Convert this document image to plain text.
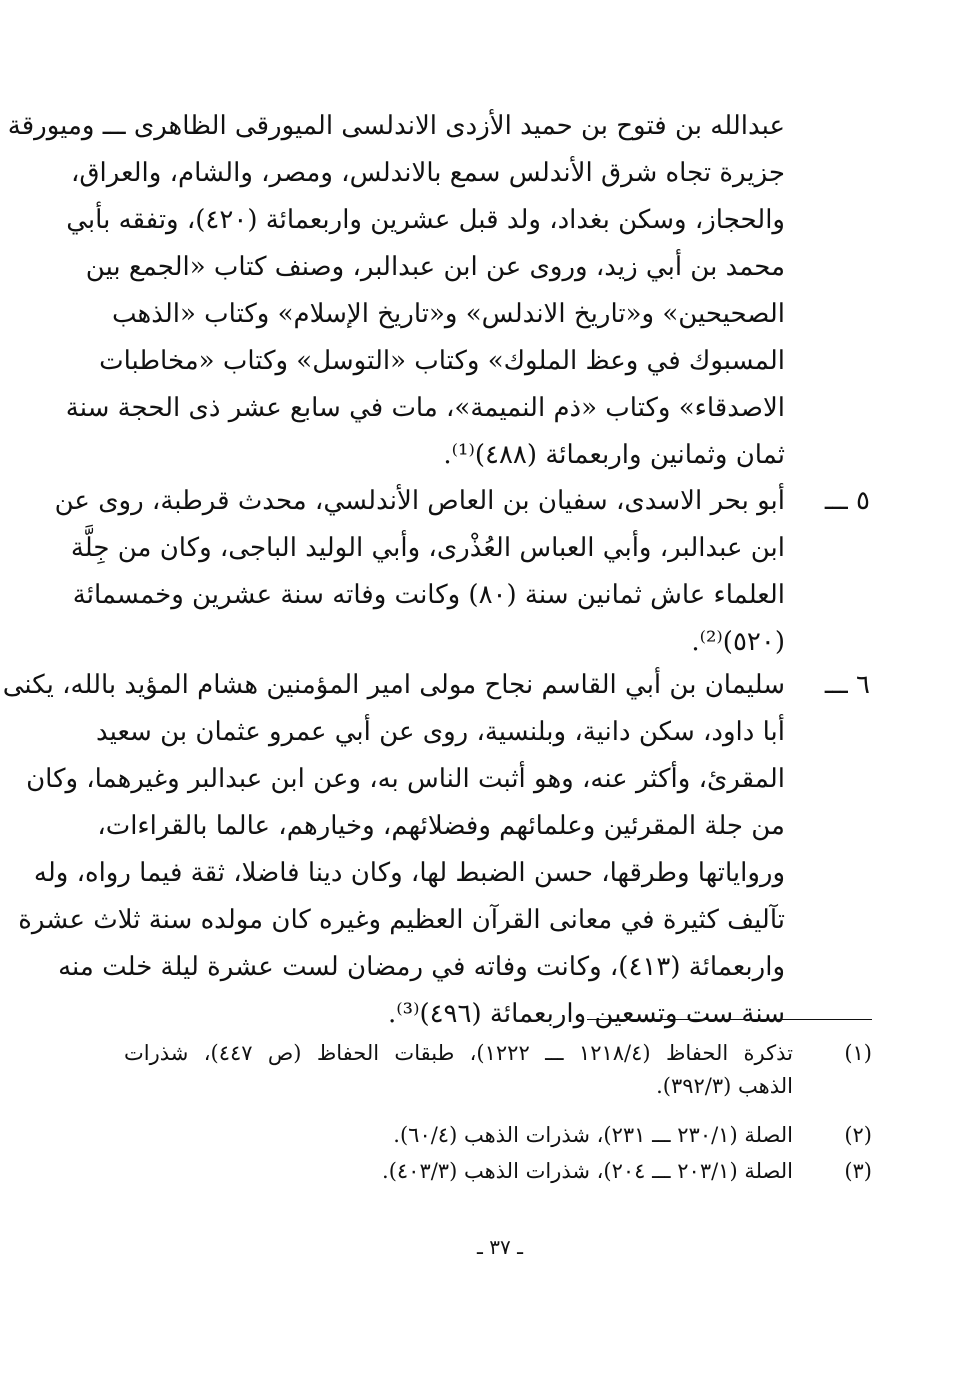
عبدالله بن فتوح بن حميد الأزدى الاندلسى الميورقى الظاهرى ـــ وميورقة
جزيرة تجاه شرق الأندلس سمع بالاندلس، ومصر، والشام، والعراق،
والحجاز، وسكن بغداد، ولد قبل عشرين واربعمائة (٤٢٠)، وتفقه بأبي
محمد بن أبي زيد، وروى عن ابن عبدالبر، وصنف كتاب «الجمع بين
الصحيحين» و«تاريخ الاندلس» و«تاريخ الإسلام» وكتاب «الذهب
المسبوك في وعظ الملوك» وكتاب «التوسل» وكتاب «مخاطبات
الاصدقاء» وكتاب «ذم النميمة»، مات في سابع عشر ذى الحجة سنة
ثمان وثمانين واربعمائة (٤٨٨)⁽¹⁾.
٥ ـــ
أبو بحر الاسدى، سفيان بن العاص الأندلسي، محدث قرطبة، روى عن
ابن عبدالبر، وأبي العباس العُذْرى، وأبي الوليد الباجى، وكان من جِلَّة
العلماء عاش ثمانين سنة (٨٠) وكانت وفاته سنة عشرين وخمسمائة
(٥٢٠)⁽²⁾.
٦ ـــ
سليمان بن أبي القاسم نجاح مولى امير المؤمنين هشام المؤيد بالله، يكنى
أبا داود، سكن دانية، وبلنسية، روى عن أبي عمرو عثمان بن سعيد
المقرئ، وأكثر عنه، وهو أثبت الناس به، وعن ابن عبدالبر وغيرهما، وكان
من جلة المقرئين وعلمائهم وفضلائهم، وخيارهم، عالما بالقراءات،
ورواياتها وطرقها، حسن الضبط لها، وكان دينا فاضلا، ثقة فيما رواه، وله
تآليف كثيرة في معانى القرآن العظيم وغيره كان مولده سنة ثلاث عشرة
واربعمائة (٤١٣)، وكانت وفاته في رمضان لست عشرة ليلة خلت منه
سنة ست وتسعين واربعمائة (٤٩٦)⁽³⁾.
(١)
تذكرة الحفاظ (١٢١٨/٤ ـــ ١٢٢٢)، طبقات الحفاظ (ص ٤٤٧)، شذرات
الذهب (٣٩٢/٣).
(٢)
الصلة (٢٣٠/١ ـــ ٢٣١)، شذرات الذهب (٦٠/٤).
(٣)
الصلة (٢٠٣/١ ـــ ٢٠٤)، شذرات الذهب (٤٠٣/٣).
ـ ٣٧ ـ
